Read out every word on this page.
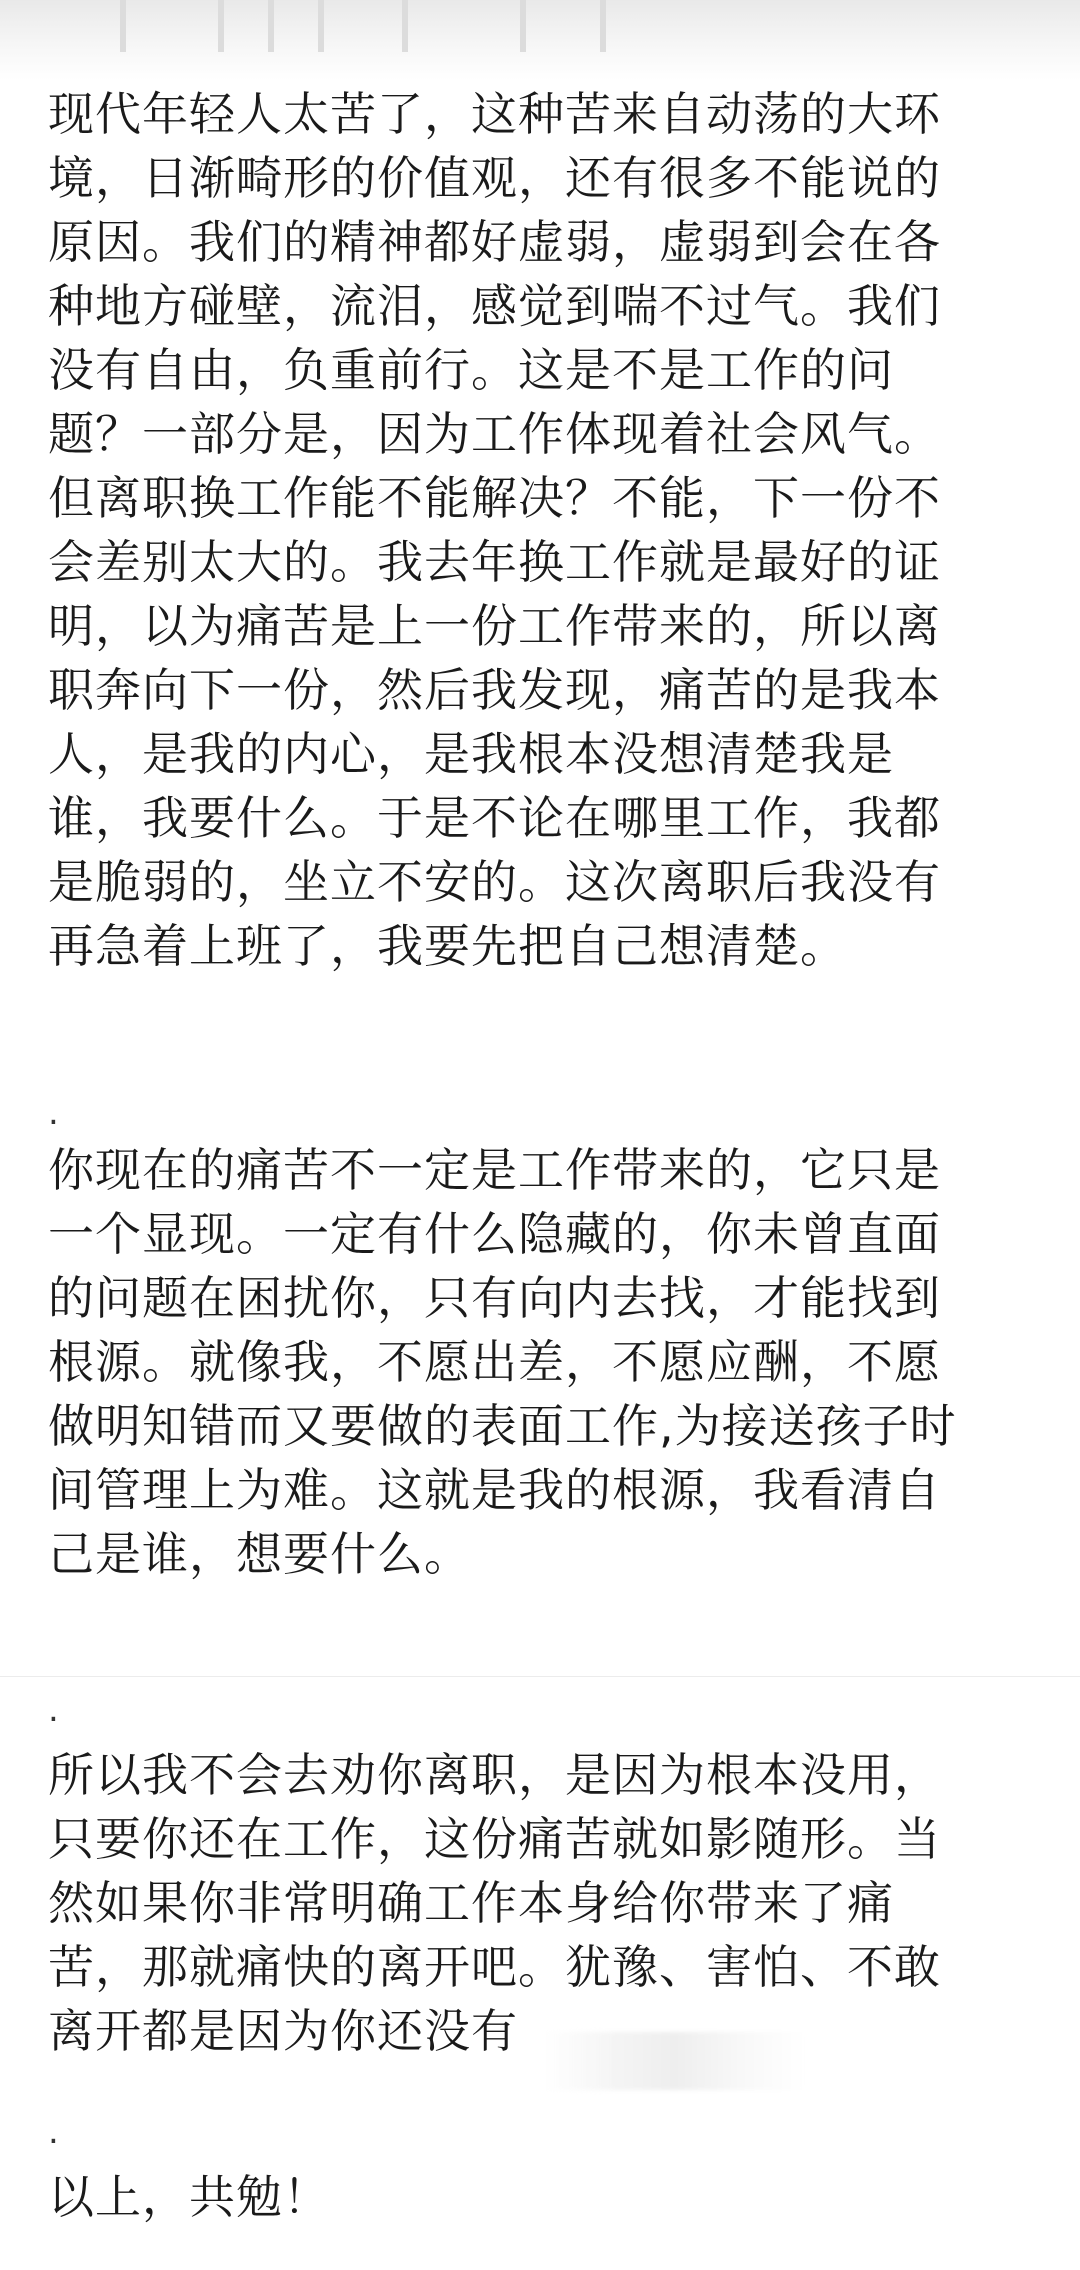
现代年轻人太苦了，这种苦来自动荡的大环
境，日渐畸形的价值观，还有很多不能说的
原因。我们的精神都好虚弱，虚弱到会在各
种地方碰壁，流泪，感觉到喘不过气。我们
没有自由，负重前行。这是不是工作的问
题？一部分是，因为工作体现着社会风气。
但离职换工作能不能解决？不能，下一份不
会差别太大的。我去年换工作就是最好的证
明，以为痛苦是上一份工作带来的，所以离
职奔向下一份，然后我发现，痛苦的是我本
人，是我的内心，是我根本没想清楚我是
谁，我要什么。于是不论在哪里工作，我都
是脆弱的，坐立不安的。这次离职后我没有
再急着上班了，我要先把自己想清楚。

.

你现在的痛苦不一定是工作带来的，它只是
一个显现。一定有什么隐藏的，你未曾直面
的问题在困扰你，只有向内去找，才能找到
根源。就像我，不愿出差，不愿应酬，不愿
做明知错而又要做的表面工作,为接送孩子时
间管理上为难。这就是我的根源，我看清自
己是谁，想要什么。

.

所以我不会去劝你离职，是因为根本没用，
只要你还在工作，这份痛苦就如影随形。当
然如果你非常明确工作本身给你带来了痛
苦，那就痛快的离开吧。犹豫、害怕、不敢
离开都是因为你还没有

.

以上，共勉！
